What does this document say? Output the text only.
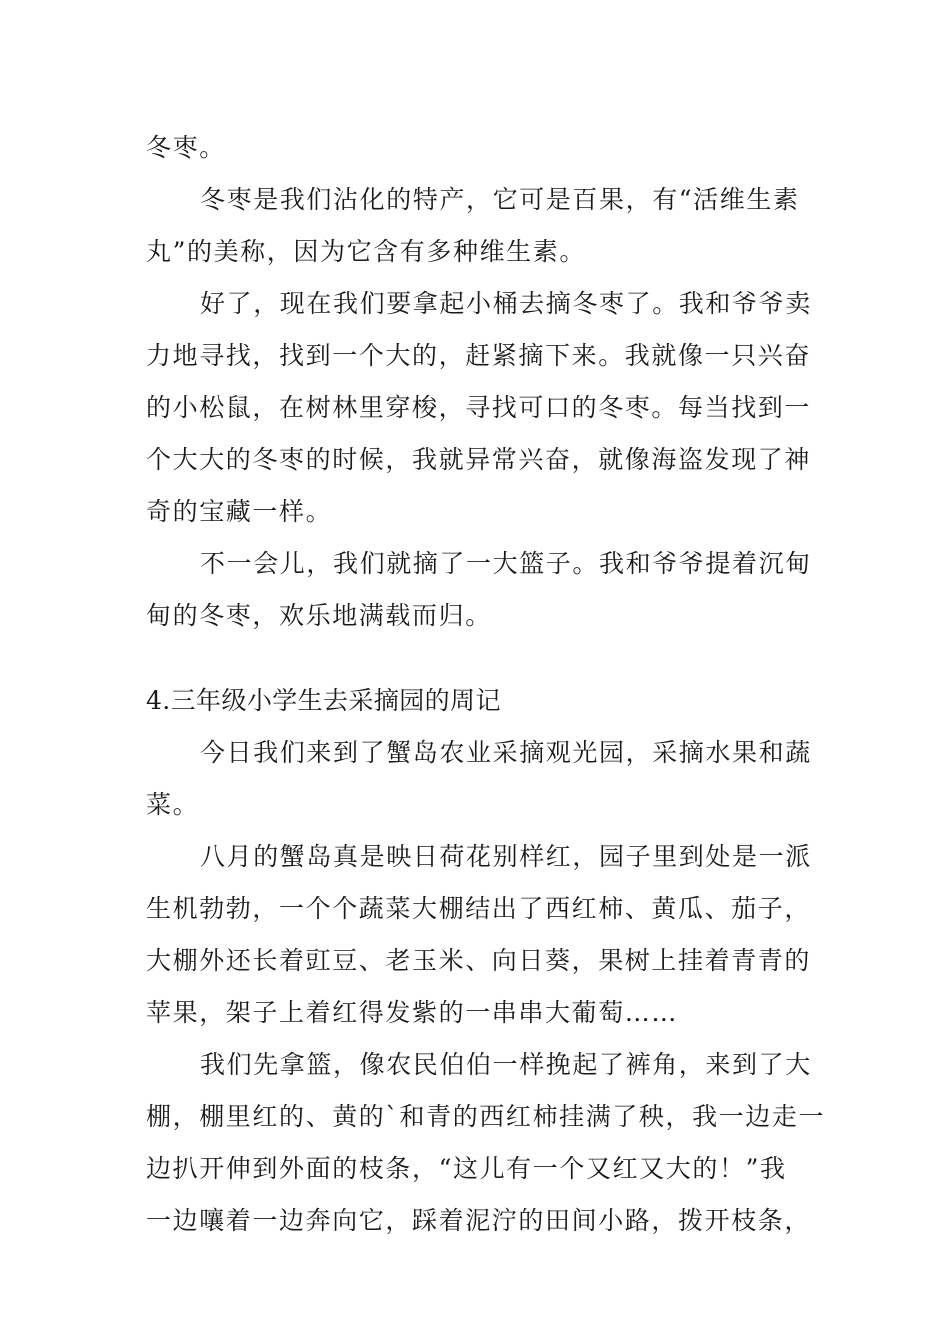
冬枣。
冬枣是我们沾化的特产，它可是百果，有“活维生素
丸”的美称，因为它含有多种维生素。
好了，现在我们要拿起小桶去摘冬枣了。我和爷爷卖
力地寻找，找到一个大的，赶紧摘下来。我就像一只兴奋
的小松鼠，在树林里穿梭，寻找可口的冬枣。每当找到一
个大大的冬枣的时候，我就异常兴奋，就像海盗发现了神
奇的宝藏一样。
不一会儿，我们就摘了一大篮子。我和爷爷提着沉甸
甸的冬枣，欢乐地满载而归。
4.三年级小学生去采摘园的周记
今日我们来到了蟹岛农业采摘观光园，采摘水果和蔬
菜。
八月的蟹岛真是映日荷花别样红，园子里到处是一派
生机勃勃，一个个蔬菜大棚结出了西红柿、黄瓜、茄子，
大棚外还长着豇豆、老玉米、向日葵，果树上挂着青青的
苹果，架子上着红得发紫的一串串大葡萄……
我们先拿篮，像农民伯伯一样挽起了裤角，来到了大
棚，棚里红的、黄的`和青的西红柿挂满了秧，我一边走一
边扒开伸到外面的枝条，“这儿有一个又红又大的！”我
一边嚷着一边奔向它，踩着泥泞的田间小路，拨开枝条，
